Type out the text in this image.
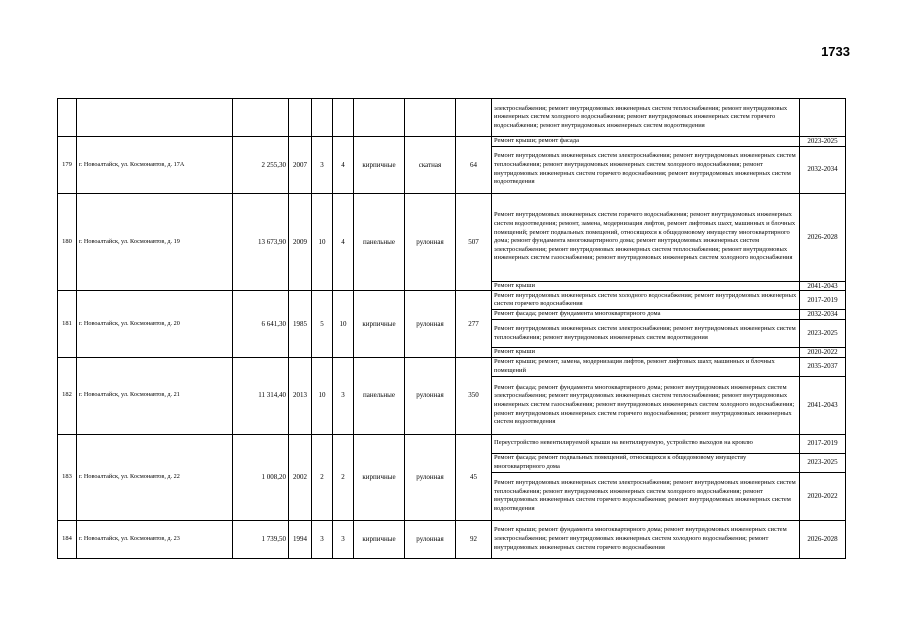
1733
									электроснабжения; ремонт внутридомовых инженерных систем теплоснабжения; ремонт внутридомовых инженерных систем холодного водоснабжения; ремонт внутридомовых инженерных систем горячего водоснабжения; ремонт внутридомовых инженерных систем водоотведения	
179	г. Новоалтайск, ул. Космонавтов, д. 17А	2 255,30	2007	3	4	кирпичные	скатная	64	Ремонт крыши; ремонт фасада	2023-2025
									Ремонт внутридомовых инженерных систем электроснабжения; ремонт внутридомовых инженерных систем теплоснабжения; ремонт внутридомовых инженерных систем холодного водоснабжения; ремонт внутридомовых инженерных систем горячего водоснабжения; ремонт внутридомовых инженерных систем водоотведения	2032-2034
180	г. Новоалтайск, ул. Космонавтов, д. 19	13 673,90	2009	10	4	панельные	рулонная	507	Ремонт внутридомовых инженерных систем горячего водоснабжения; ремонт внутридомовых инженерных систем водоотведения; ремонт, замена, модернизация лифтов, ремонт лифтовых шахт, машинных и блочных помещений; ремонт подвальных помещений, относящихся к общедомовому имуществу многоквартирного дома; ремонт фундамента многоквартирного дома; ремонт внутридомовых инженерных систем электроснабжения; ремонт внутридомовых инженерных систем теплоснабжения; ремонт внутридомовых инженерных систем газоснабжения; ремонт внутридомовых инженерных систем холодного водоснабжения	2026-2028
									Ремонт крыши	2041-2043
181	г. Новоалтайск, ул. Космонавтов, д. 20	6 641,30	1985	5	10	кирпичные	рулонная	277	Ремонт внутридомовых инженерных систем холодного водоснабжения; ремонт внутридомовых инженерных систем горячего водоснабжения	2017-2019
									Ремонт фасада; ремонт фундамента многоквартирного дома	2032-2034
									Ремонт внутридомовых инженерных систем электроснабжения; ремонт внутридомовых инженерных систем теплоснабжения; ремонт внутридомовых инженерных систем водоотведения	2023-2025
									Ремонт крыши	2020-2022
182	г. Новоалтайск, ул. Космонавтов, д. 21	11 314,40	2013	10	3	панельные	рулонная	350	Ремонт крыши; ремонт, замена, модернизация лифтов, ремонт лифтовых шахт, машинных и блочных помещений	2035-2037
									Ремонт фасада; ремонт фундамента многоквартирного дома; ремонт внутридомовых инженерных систем электроснабжения; ремонт внутридомовых инженерных систем теплоснабжения; ремонт внутридомовых инженерных систем газоснабжения; ремонт внутридомовых инженерных систем холодного водоснабжения; ремонт внутридомовых инженерных систем горячего водоснабжения; ремонт внутридомовых инженерных систем водоотведения	2041-2043
183	г. Новоалтайск, ул. Космонавтов, д. 22	1 008,20	2002	2	2	кирпичные	рулонная	45	Переустройство невентилируемой крыши на вентилируемую, устройство выходов на кровлю	2017-2019
									Ремонт фасада; ремонт подвальных помещений, относящихся к общедомовому имуществу многоквартирного дома	2023-2025
									Ремонт внутридомовых инженерных систем электроснабжения; ремонт внутридомовых инженерных систем теплоснабжения; ремонт внутридомовых инженерных систем холодного водоснабжения; ремонт внутридомовых инженерных систем горячего водоснабжения; ремонт внутридомовых инженерных систем водоотведения	2020-2022
184	г. Новоалтайск, ул. Космонавтов, д. 23	1 739,50	1994	3	3	кирпичные	рулонная	92	Ремонт крыши; ремонт фундамента многоквартирного дома; ремонт внутридомовых инженерных систем электроснабжения; ремонт внутридомовых инженерных систем холодного водоснабжения; ремонт внутридомовых инженерных систем горячего водоснабжения	2026-2028
